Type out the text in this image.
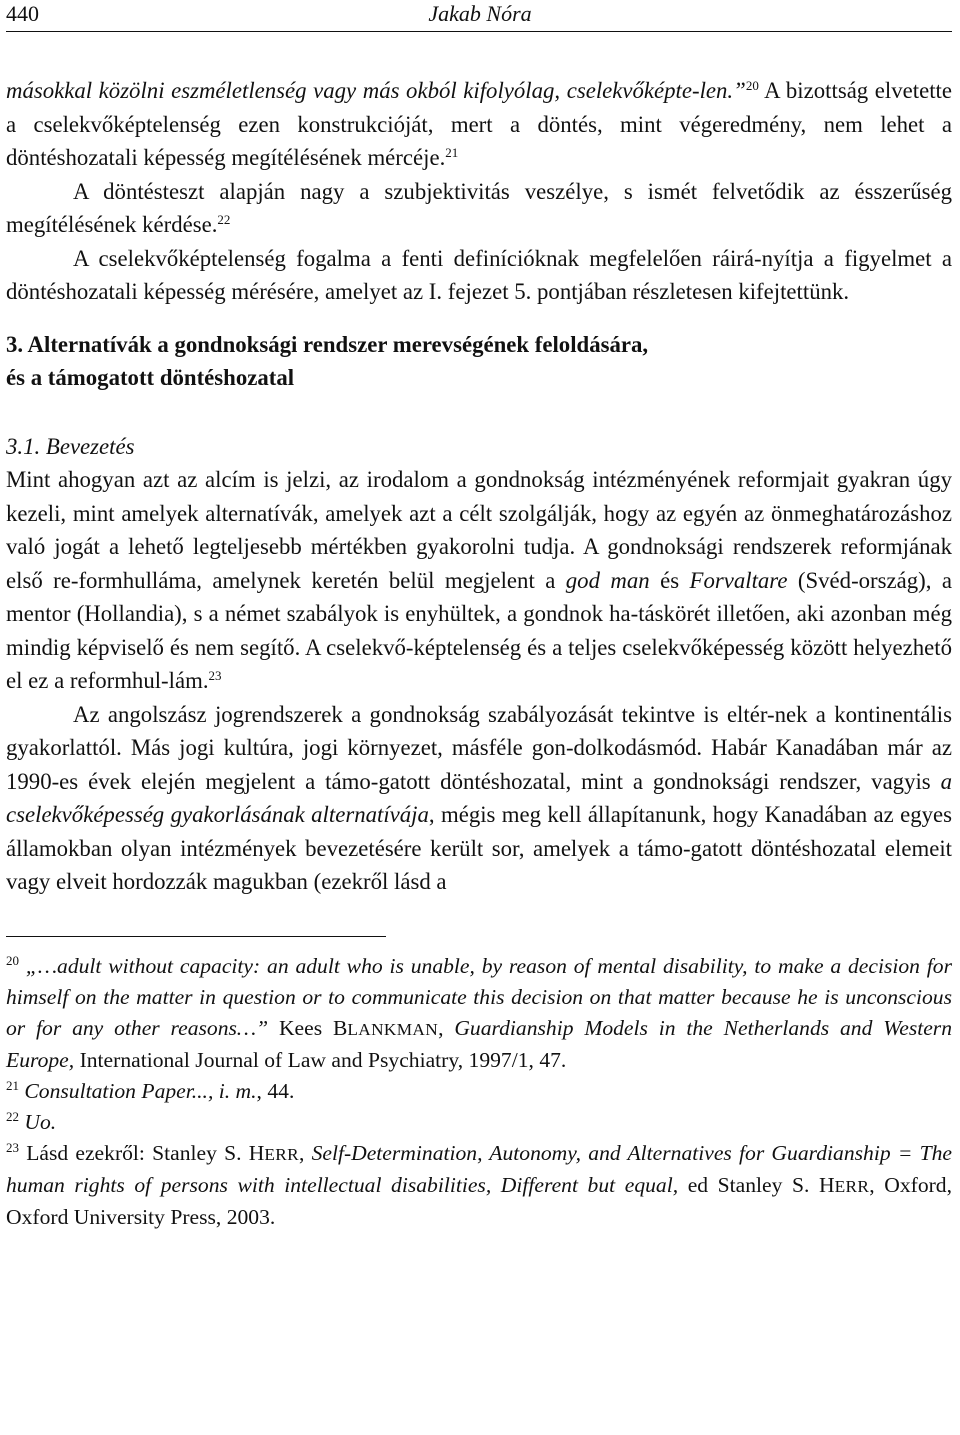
440	Jakab Nóra

másokkal közölni eszméletlenség vagy más okból kifolyólag, cselekvőképte-len.”$^{20}$ A bizottság elvetette a cselekvőképtelenség ezen konstrukcióját, mert a döntés, mint végeredmény, nem lehet a döntéshozatali képesség megítélésének mércéje.$^{21}$

A döntésteszt alapján nagy a szubjektivitás veszélye, s ismét felvetődik az ésszerűség megítélésének kérdése.$^{22}$

A cselekvőképtelenség fogalma a fenti definícióknak megfelelően ráirá-nyítja a figyelmet a döntéshozatali képesség mérésére, amelyet az I. fejezet 5. pontjában részletesen kifejtettünk.

3. Alternatívák a gondnoksági rendszer merevségének feloldására,
és a támogatott döntéshozatal

3.1. Bevezetés

Mint ahogyan azt az alcím is jelzi, az irodalom a gondnokság intézményének reformjait gyakran úgy kezeli, mint amelyek alternatívák, amelyek azt a célt szolgálják, hogy az egyén az önmeghatározáshoz való jogát a lehető legteljesebb mértékben gyakorolni tudja. A gondnoksági rendszerek reformjának első re-formhulláma, amelynek keretén belül megjelent a god man és Forvaltare (Svéd-ország), a mentor (Hollandia), s a német szabályok is enyhültek, a gondnok ha-táskörét illetően, aki azonban még mindig képviselő és nem segítő. A cselekvő-képtelenség és a teljes cselekvőképesség között helyezhető el ez a reformhul-lám.$^{23}$

Az angolszász jogrendszerek a gondnokság szabályozását tekintve is eltér-nek a kontinentális gyakorlattól. Más jogi kultúra, jogi környezet, másféle gon-dolkodásmód. Habár Kanadában már az 1990-es évek elején megjelent a támo-gatott döntéshozatal, mint a gondnoksági rendszer, vagyis a cselekvőképesség gyakorlásának alternatívája, mégis meg kell állapítanunk, hogy Kanadában az egyes államokban olyan intézmények bevezetésére került sor, amelyek a támo-gatott döntéshozatal elemeit vagy elveit hordozzák magukban (ezekről lásd a

$^{20}$ „…adult without capacity: an adult who is unable, by reason of mental disability, to make a decision for himself on the matter in question or to communicate this decision on that matter because he is unconscious or for any other reasons…” Kees BLANKMAN, Guardianship Models in the Netherlands and Western Europe, International Journal of Law and Psychiatry, 1997/1, 47.

$^{21}$ Consultation Paper..., i. m., 44.

$^{22}$ Uo.

$^{23}$ Lásd ezekről: Stanley S. HERR, Self-Determination, Autonomy, and Alternatives for Guardianship = The human rights of persons with intellectual disabilities, Different but equal, ed Stanley S. HERR, Oxford, Oxford University Press, 2003.
